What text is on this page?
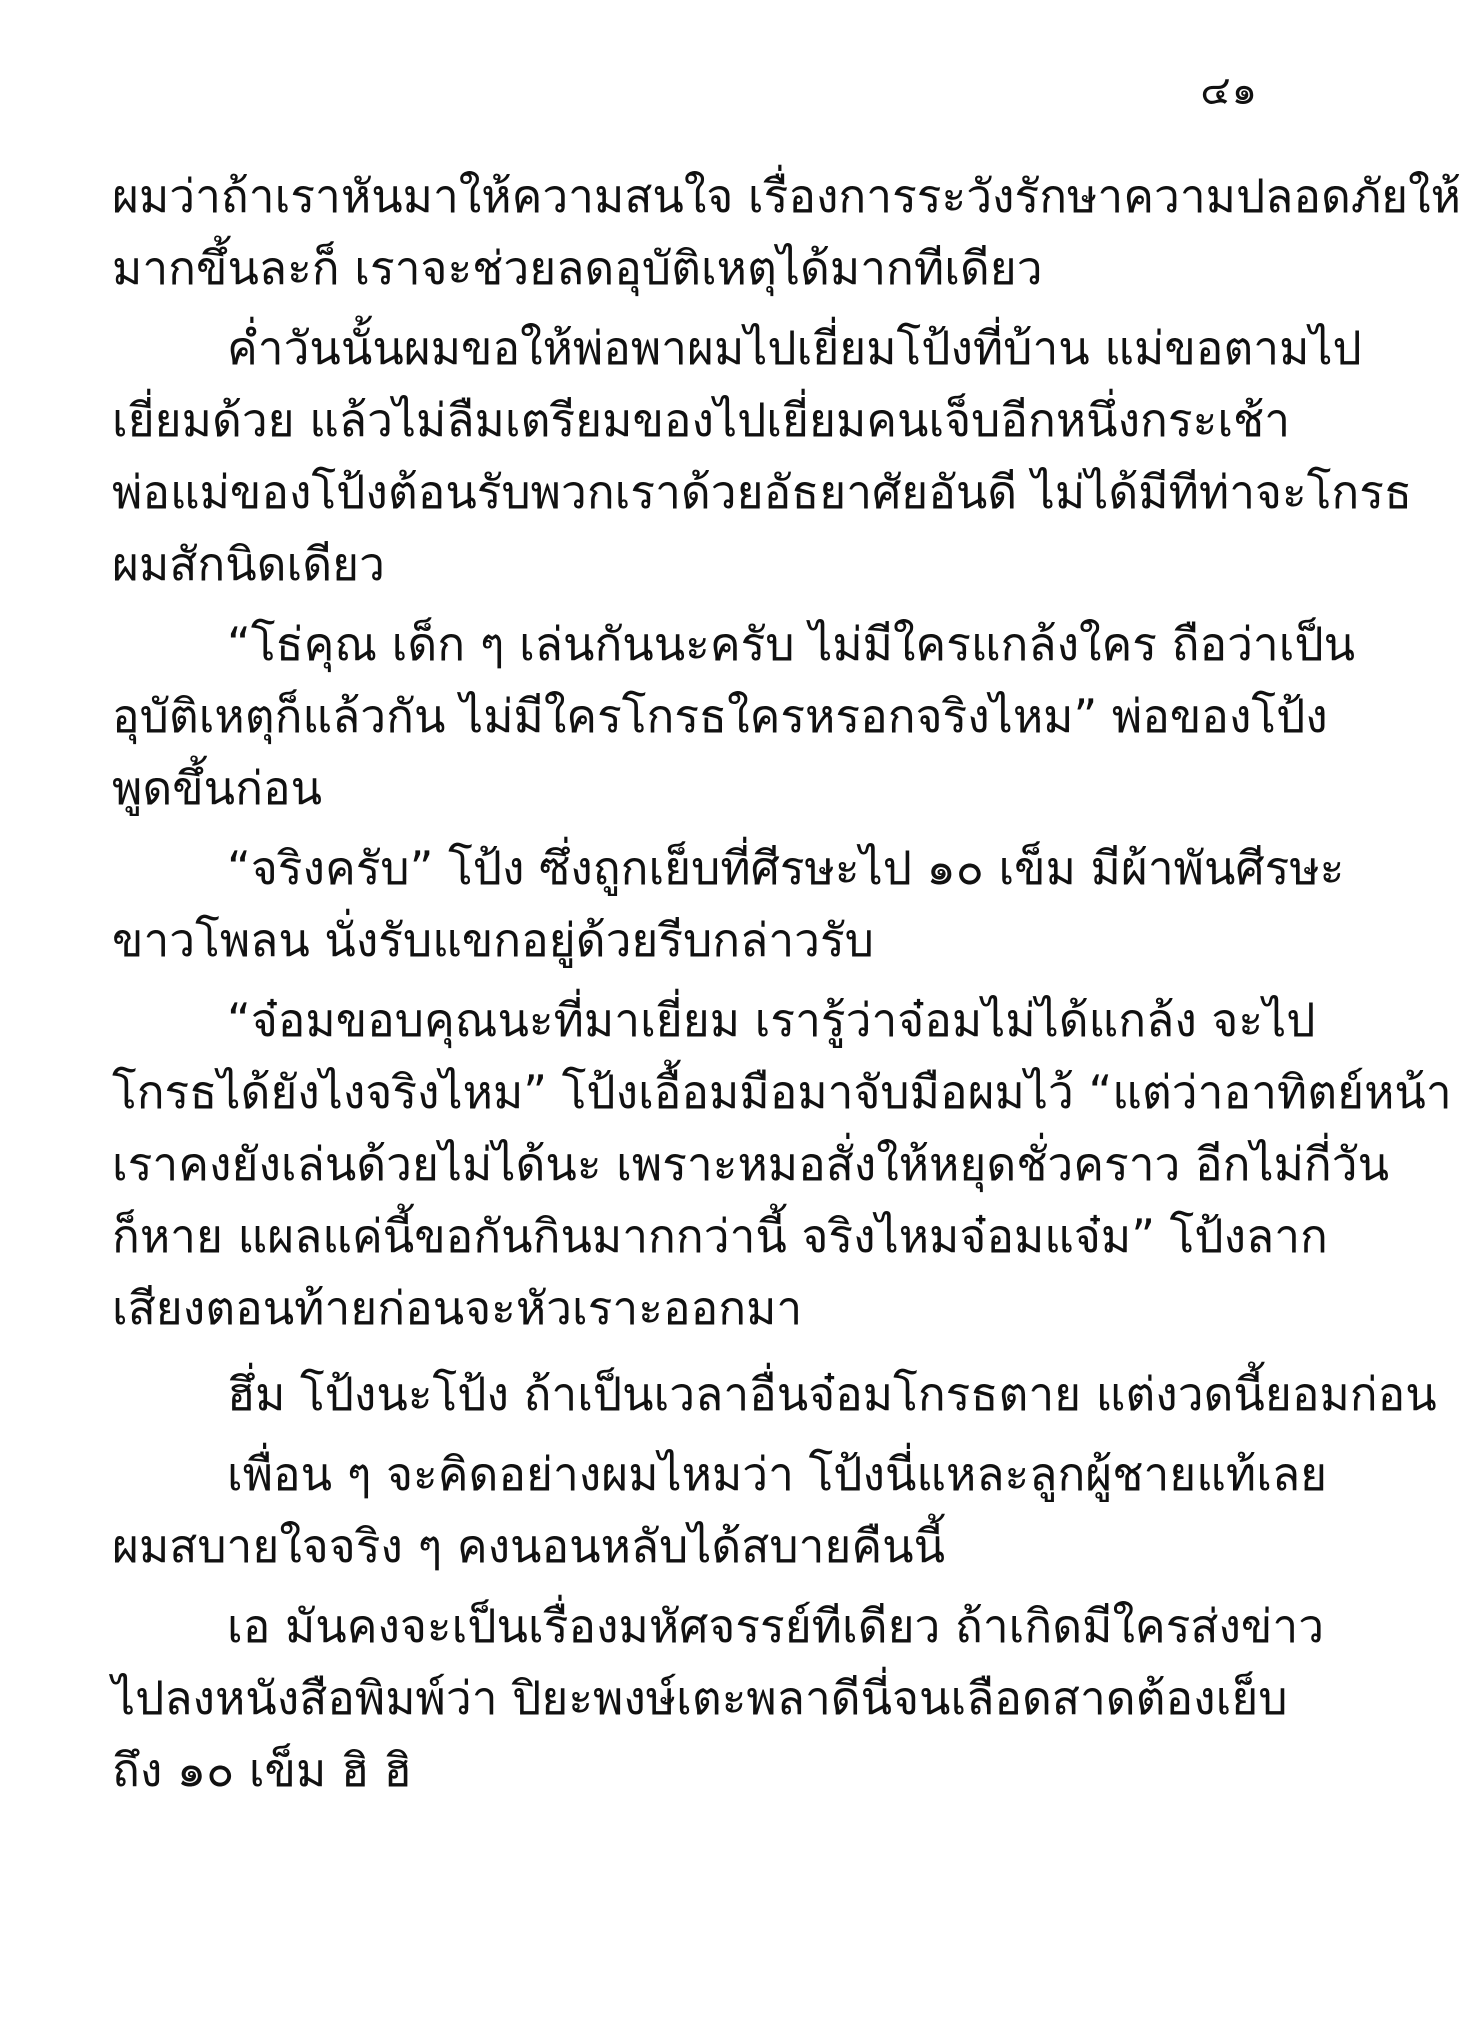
๔๑
ผมว่าถ้าเราหันมาให้ความสนใจ เรื่องการระวังรักษาความปลอดภัยให้
มากขึ้นละก็ เราจะช่วยลดอุบัติเหตุได้มากทีเดียว
ค่ำวันนั้นผมขอให้พ่อพาผมไปเยี่ยมโป้งที่บ้าน แม่ขอตามไป
เยี่ยมด้วย แล้วไม่ลืมเตรียมของไปเยี่ยมคนเจ็บอีกหนึ่งกระเช้า
พ่อแม่ของโป้งต้อนรับพวกเราด้วยอัธยาศัยอันดี ไม่ได้มีทีท่าจะโกรธ
ผมสักนิดเดียว
“โธ่คุณ เด็ก ๆ เล่นกันนะครับ ไม่มีใครแกล้งใคร ถือว่าเป็น
อุบัติเหตุก็แล้วกัน ไม่มีใครโกรธใครหรอกจริงไหม” พ่อของโป้ง
พูดขึ้นก่อน
“จริงครับ” โป้ง ซึ่งถูกเย็บที่ศีรษะไป ๑๐ เข็ม มีผ้าพันศีรษะ
ขาวโพลน นั่งรับแขกอยู่ด้วยรีบกล่าวรับ
“จ๋อมขอบคุณนะที่มาเยี่ยม เรารู้ว่าจ๋อมไม่ได้แกล้ง จะไป
โกรธได้ยังไงจริงไหม” โป้งเอื้อมมือมาจับมือผมไว้ “แต่ว่าอาทิตย์หน้า
เราคงยังเล่นด้วยไม่ได้นะ เพราะหมอสั่งให้หยุดชั่วคราว อีกไม่กี่วัน
ก็หาย แผลแค่นี้ขอกันกินมากกว่านี้ จริงไหมจ๋อมแจ๋ม” โป้งลาก
เสียงตอนท้ายก่อนจะหัวเราะออกมา
ฮึ่ม โป้งนะโป้ง ถ้าเป็นเวลาอื่นจ๋อมโกรธตาย แต่งวดนี้ยอมก่อน
เพื่อน ๆ จะคิดอย่างผมไหมว่า โป้งนี่แหละลูกผู้ชายแท้เลย
ผมสบายใจจริง ๆ คงนอนหลับได้สบายคืนนี้
เอ มันคงจะเป็นเรื่องมหัศจรรย์ทีเดียว ถ้าเกิดมีใครส่งข่าว
ไปลงหนังสือพิมพ์ว่า ปิยะพงษ์เตะพลาดีนี่จนเลือดสาดต้องเย็บ
ถึง ๑๐ เข็ม ฮิ ฮิ
